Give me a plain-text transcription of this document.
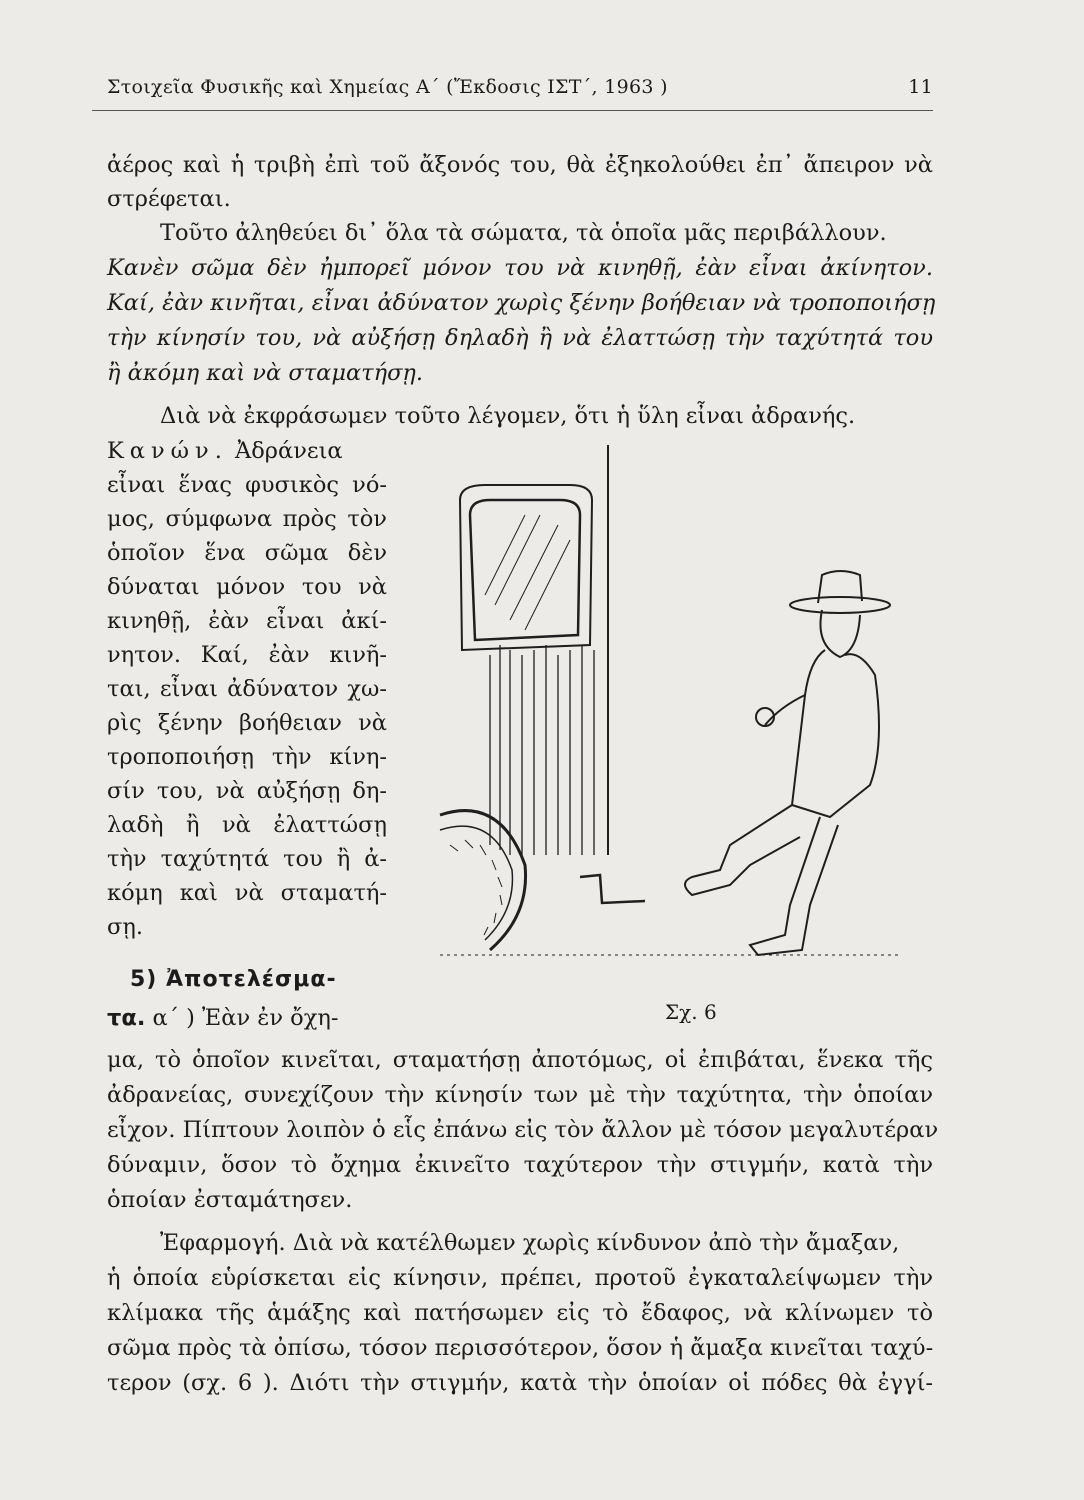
Στοιχεῖα Φυσικῆς καὶ Χημείας Α΄ (Ἔκδοσις ΙΣΤ΄, 1963 )	11
ἀέρος καὶ ἡ τριβὴ ἐπὶ τοῦ ἄξονός του, θὰ ἐξηκολούθει ἐπ᾽ ἄπειρον νὰ
στρέφεται.
Τοῦτο ἀληθεύει δι᾽ ὅλα τὰ σώματα, τὰ ὁποῖα μᾶς περιβάλλουν.
Κανὲν σῶμα δὲν ἠμπορεῖ μόνον του νὰ κινηθῇ, ἐὰν εἶναι ἀκίνητον.
Καί, ἐὰν κινῆται, εἶναι ἀδύνατον χωρὶς ξένην βοήθειαν νὰ τροποποιήσῃ
τὴν κίνησίν του, νὰ αὐξήσῃ δηλαδὴ ἢ νὰ ἐλαττώσῃ τὴν ταχύτητά του
ἢ ἀκόμη καὶ νὰ σταματήσῃ.
Διὰ νὰ ἐκφράσωμεν τοῦτο λέγομεν, ὅτι ἡ ὕλη εἶναι ἀδρανής.
Κανών. Ἀδράνεια
εἶναι ἕνας φυσικὸς νό-
μος, σύμφωνα πρὸς τὸν
ὁποῖον ἕνα σῶμα δὲν
δύναται μόνον του νὰ
κινηθῇ, ἐὰν εἶναι ἀκί-
νητον. Καί, ἐὰν κινῆ-
ται, εἶναι ἀδύνατον χω-
ρὶς ξένην βοήθειαν νὰ
τροποποιήσῃ τὴν κίνη-
σίν του, νὰ αὐξήσῃ δη-
λαδὴ ἢ νὰ ἐλαττώσῃ
τὴν ταχύτητά του ἢ ἀ-
κόμη καὶ νὰ σταματή-
σῃ.
5) Ἀποτελέσμα-
τα. α΄ ) Ἐὰν ἐν ὄχη-	Σχ. 6
μα, τὸ ὁποῖον κινεῖται, σταματήσῃ ἀποτόμως, οἱ ἐπιβάται, ἕνεκα τῆς
ἀδρανείας, συνεχίζουν τὴν κίνησίν των μὲ τὴν ταχύτητα, τὴν ὁποίαν
εἶχον. Πίπτουν λοιπὸν ὁ εἷς ἐπάνω εἰς τὸν ἄλλον μὲ τόσον μεγαλυτέραν
δύναμιν, ὅσον τὸ ὄχημα ἐκινεῖτο ταχύτερον τὴν στιγμήν, κατὰ τὴν
ὁποίαν ἐσταμάτησεν.
Ἐφαρμογή. Διὰ νὰ κατέλθωμεν χωρὶς κίνδυνον ἀπὸ τὴν ἄμαξαν,
ἡ ὁποία εὑρίσκεται εἰς κίνησιν, πρέπει, προτοῦ ἐγκαταλείψωμεν τὴν
κλίμακα τῆς ἁμάξης καὶ πατήσωμεν εἰς τὸ ἔδαφος, νὰ κλίνωμεν τὸ
σῶμα πρὸς τὰ ὀπίσω, τόσον περισσότερον, ὅσον ἡ ἄμαξα κινεῖται ταχύ-
τερον (σχ. 6 ). Διότι τὴν στιγμήν, κατὰ τὴν ὁποίαν οἱ πόδες θὰ ἐγγί-
